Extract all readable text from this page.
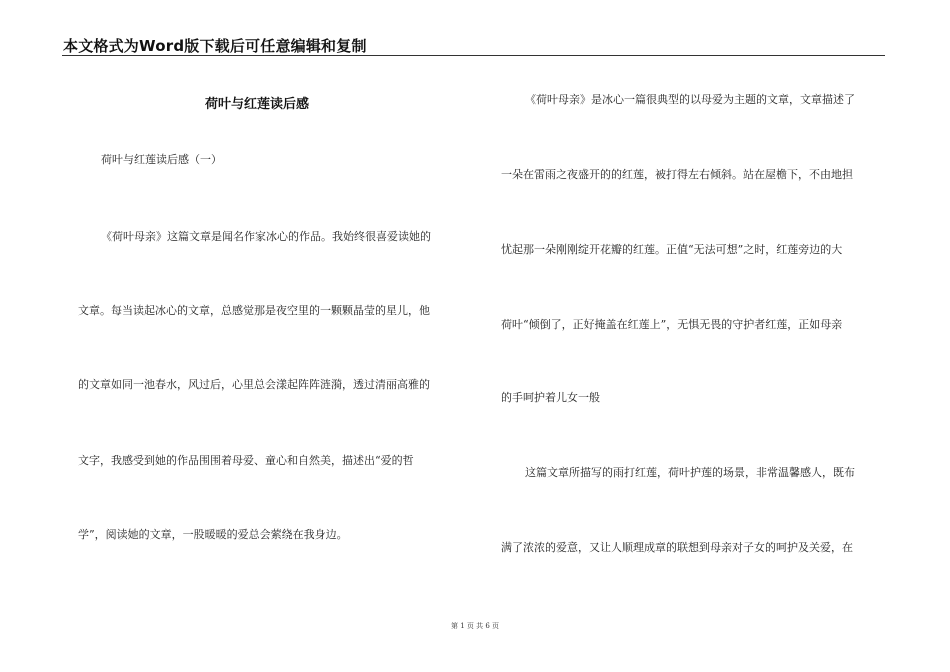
本文格式为Word版下载后可任意编辑和复制
荷叶与红莲读后感
荷叶与红莲读后感（一）
《荷叶母亲》这篇文章是闻名作家冰心的作品。我始终很喜爱读她的
文章。每当读起冰心的文章，总感觉那是夜空里的一颗颗晶莹的星儿，他
的文章如同一池春水，风过后，心里总会漾起阵阵涟漪，透过清丽高雅的
文字，我感受到她的作品围围着母爱、童心和自然美，描述出“爱的哲
学”，阅读她的文章，一股暖暖的爱总会萦绕在我身边。
《荷叶母亲》是冰心一篇很典型的以母爱为主题的文章，文章描述了
一朵在雷雨之夜盛开的的红莲，被打得左右倾斜。站在屋檐下，不由地担
忧起那一朵刚刚绽开花瓣的红莲。正值“无法可想”之时，红莲旁边的大
荷叶“倾倒了，正好掩盖在红莲上”，无惧无畏的守护者红莲，正如母亲
的手呵护着儿女一般
这篇文章所描写的雨打红莲，荷叶护莲的场景，非常温馨感人，既布
满了浓浓的爱意，又让人顺理成章的联想到母亲对子女的呵护及关爱，在
第 1 页 共 6 页
